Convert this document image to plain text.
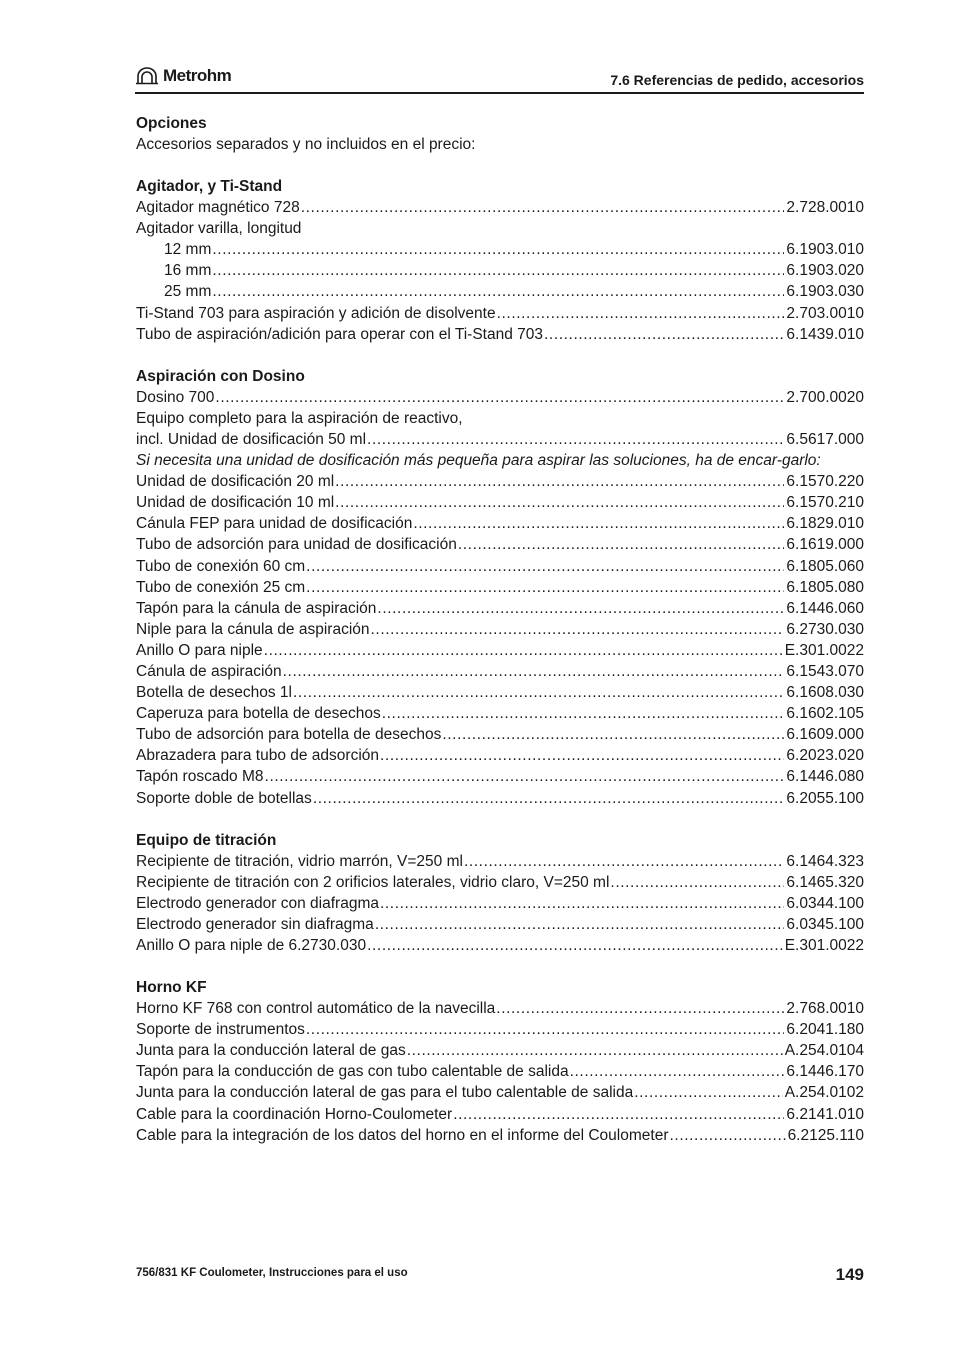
Metrohm	7.6 Referencias de pedido, accesorios
Opciones
Accesorios separados y no incluidos en el precio:
Agitador, y Ti-Stand
Agitador magnético 728 .....	2.728.0010
Agitador varilla, longitud
12 mm .....	6.1903.010
16 mm .....	6.1903.020
25 mm .....	6.1903.030
Ti-Stand 703 para aspiración y adición de disolvente .....	2.703.0010
Tubo de aspiración/adición para operar con el Ti-Stand 703 .....	6.1439.010
Aspiración con Dosino
Dosino 700 .....	2.700.0020
Equipo completo para la aspiración de reactivo,
incl. Unidad de dosificación 50 ml .....	6.5617.000
Si necesita una unidad de dosificación más pequeña para aspirar las soluciones, ha de encar-garlo:
Unidad de dosificación 20 ml .....	6.1570.220
Unidad de dosificación 10 ml .....	6.1570.210
Cánula FEP para unidad de dosificación .....	6.1829.010
Tubo de adsorción para unidad de dosificación .....	6.1619.000
Tubo de conexión 60 cm .....	6.1805.060
Tubo de conexión 25 cm .....	6.1805.080
Tapón para la cánula de aspiración .....	6.1446.060
Niple para la cánula de aspiración .....	6.2730.030
Anillo O para niple .....	E.301.0022
Cánula de aspiración .....	6.1543.070
Botella de desechos 1l .....	6.1608.030
Caperuza para botella de desechos .....	6.1602.105
Tubo de adsorción para botella de desechos .....	6.1609.000
Abrazadera para tubo de adsorción .....	6.2023.020
Tapón roscado M8 .....	6.1446.080
Soporte doble de botellas .....	6.2055.100
Equipo de titración
Recipiente de titración, vidrio marrón, V=250 ml .....	6.1464.323
Recipiente de titración con 2 orificios laterales, vidrio claro, V=250 ml .....	6.1465.320
Electrodo generador con diafragma .....	6.0344.100
Electrodo generador sin diafragma .....	6.0345.100
Anillo O para niple de 6.2730.030 .....	E.301.0022
Horno KF
Horno KF 768 con control automático de la navecilla .....	2.768.0010
Soporte de instrumentos .....	6.2041.180
Junta para la conducción lateral de gas .....	A.254.0104
Tapón para la conducción de gas con tubo calentable de salida .....	6.1446.170
Junta para la conducción lateral de gas para el tubo calentable de salida .....	A.254.0102
Cable para la coordinación Horno-Coulometer .....	6.2141.010
Cable para la integración de los datos del horno en el informe del Coulometer .....	6.2125.110
756/831 KF Coulometer, Instrucciones para el uso	149
